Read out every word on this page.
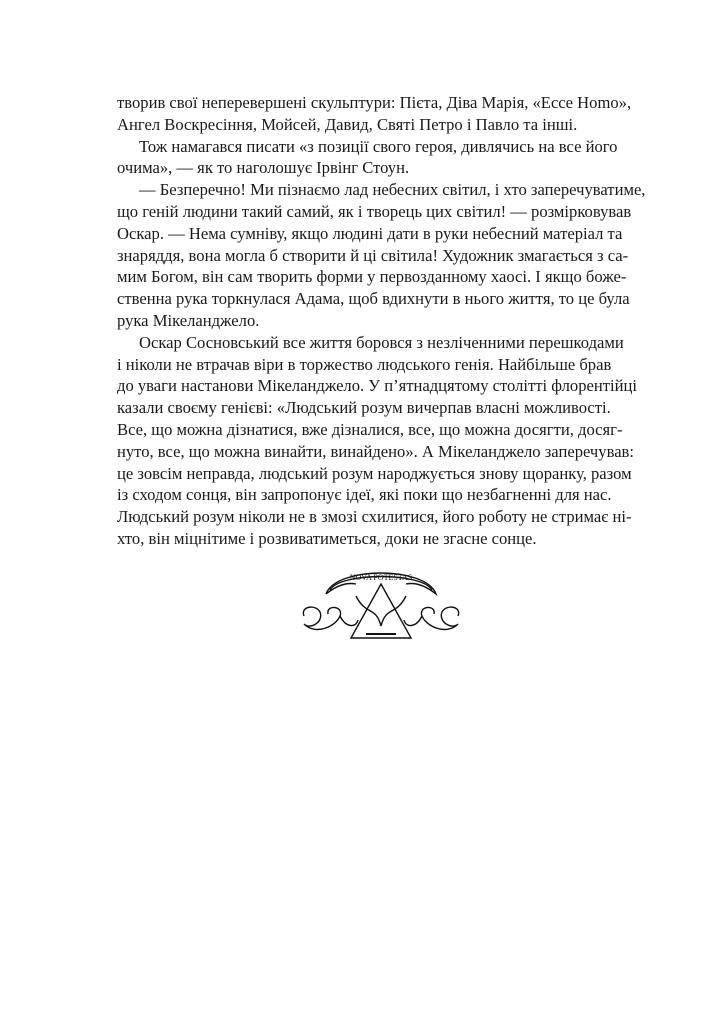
творив свої неперевершені скульптури: Пієта, Діва Марія, «Ecce Homo»,
Ангел Воскресіння, Мойсей, Давид, Святі Петро і Павло та інші.
Тож намагався писати «з позиції свого героя, дивлячись на все його
очима», — як то наголошує Ірвінг Стоун.
— Безперечно! Ми пізнаємо лад небесних світил, і хто заперечуватиме,
що геній людини такий самий, як і творець цих світил! — розмірковував
Оскар. — Нема сумніву, якщо людині дати в руки небесний матеріал та
знаряддя, вона могла б створити й ці світила! Художник змагається з са-
мим Богом, він сам творить форми у первозданному хаосі. І якщо боже-
ственна рука торкнулася Адама, щоб вдихнути в нього життя, то це була
рука Мікеланджело.
Оскар Сосновський все життя боровся з незліченними перешкодами
і ніколи не втрачав віри в торжество людського генія. Найбільше брав
до уваги настанови Мікеланджело. У п’ятнадцятому столітті флорентійці
казали своєму генієві: «Людський розум вичерпав власні можливості.
Все, що можна дізнатися, вже дізналися, все, що можна досягти, досяг-
нуто, все, що можна винайти, винайдено». А Мікеланджело заперечував:
це зовсім неправда, людський розум народжується знову щоранку, разом
із сходом сонця, він запропонує ідеї, які поки що незбагненні для нас.
Людський розум ніколи не в змозі схилитися, його роботу не стримає ні-
хто, він міцнітиме і розвиватиметься, доки не згасне сонце.
NOVA POTESTAS
